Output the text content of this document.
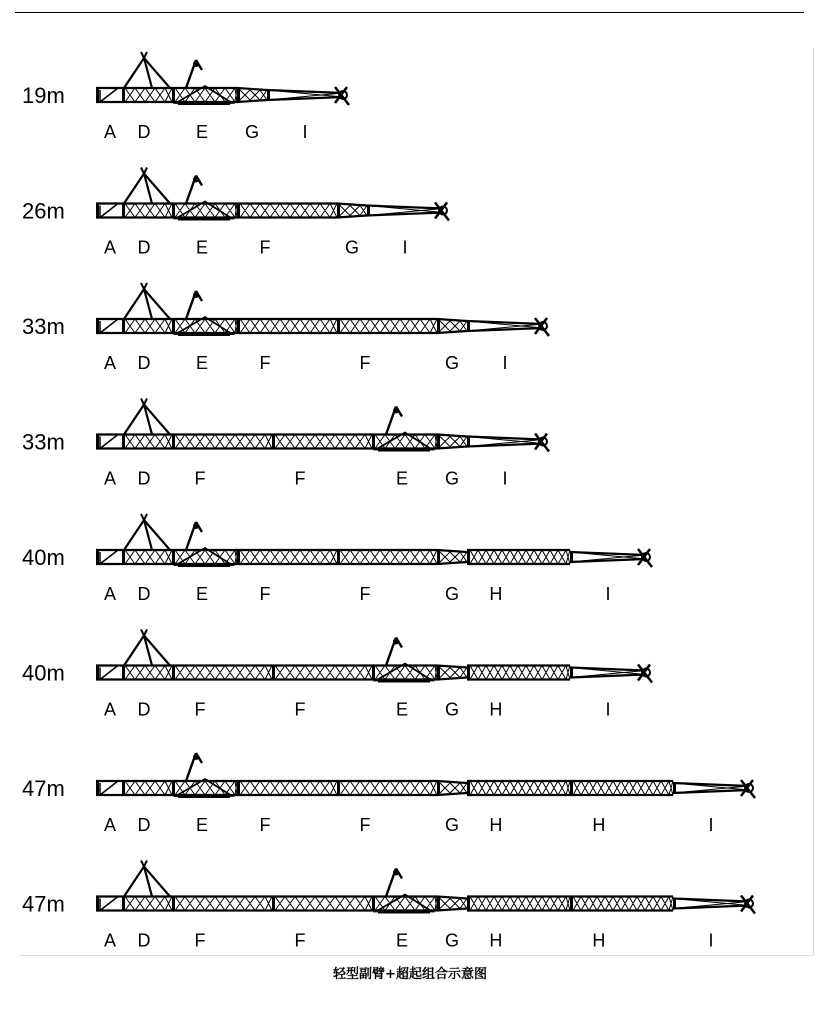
19m
A D	E G I
26m
A D	E	F	G I
33m
A D	E	F	F	G I
33m
A D F	F	E G I
40m
A D	E	F	F	G H	I
40m
A D F	F	E G H	I
47m
A D	E	F	F	G H	H	I
47m
A D F	F	E G H	H	I
轻型副臂+超起组合示意图
